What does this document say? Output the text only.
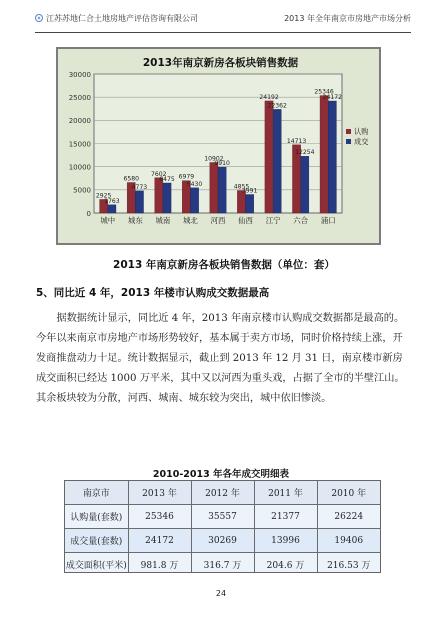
江苏苏地仁合土地房地产评估咨询有限公司	2013 年全年南京市房地产市场分析
2013年南京新房各板块销售数据
0
5000
10000
15000
20000
25000
30000
城中 城东 城南 城北 河西 仙西 江宁 六合 浦口
2925
6580
7602 6979
10902
4855
24192
14713
25346
1763
4773
6475
5430
9910
3991
22362
12254
24172
认购
成交
2013 年南京新房各板块销售数据（单位：套）
5、同比近 4 年，2013 年楼市认购成交数据最高
据数据统计显示，同比近 4 年，2013 年南京楼市认购成交数据都是最高的。今年以来南京市房地产市场形势较好，基本属于卖方市场，同时价格持续上涨，开发商推盘动力十足。统计数据显示，截止到 2013 年 12 月 31 日，南京楼市新房成交面积已经达 1000 万平米，其中又以河西为重头戏，占据了全市的半壁江山。其余板块较为分散，河西、城南、城东较为突出，城中依旧惨淡。
2010-2013 年各年成交明细表
南京市	2013 年	2012 年	2011 年	2010 年
认购量(套数)	25346	35557	21377	26224
成交量(套数)	24172	30269	13996	19406
成交面积(平米)	981.8 万	316.7 万	204.6 万	216.53 万
24
